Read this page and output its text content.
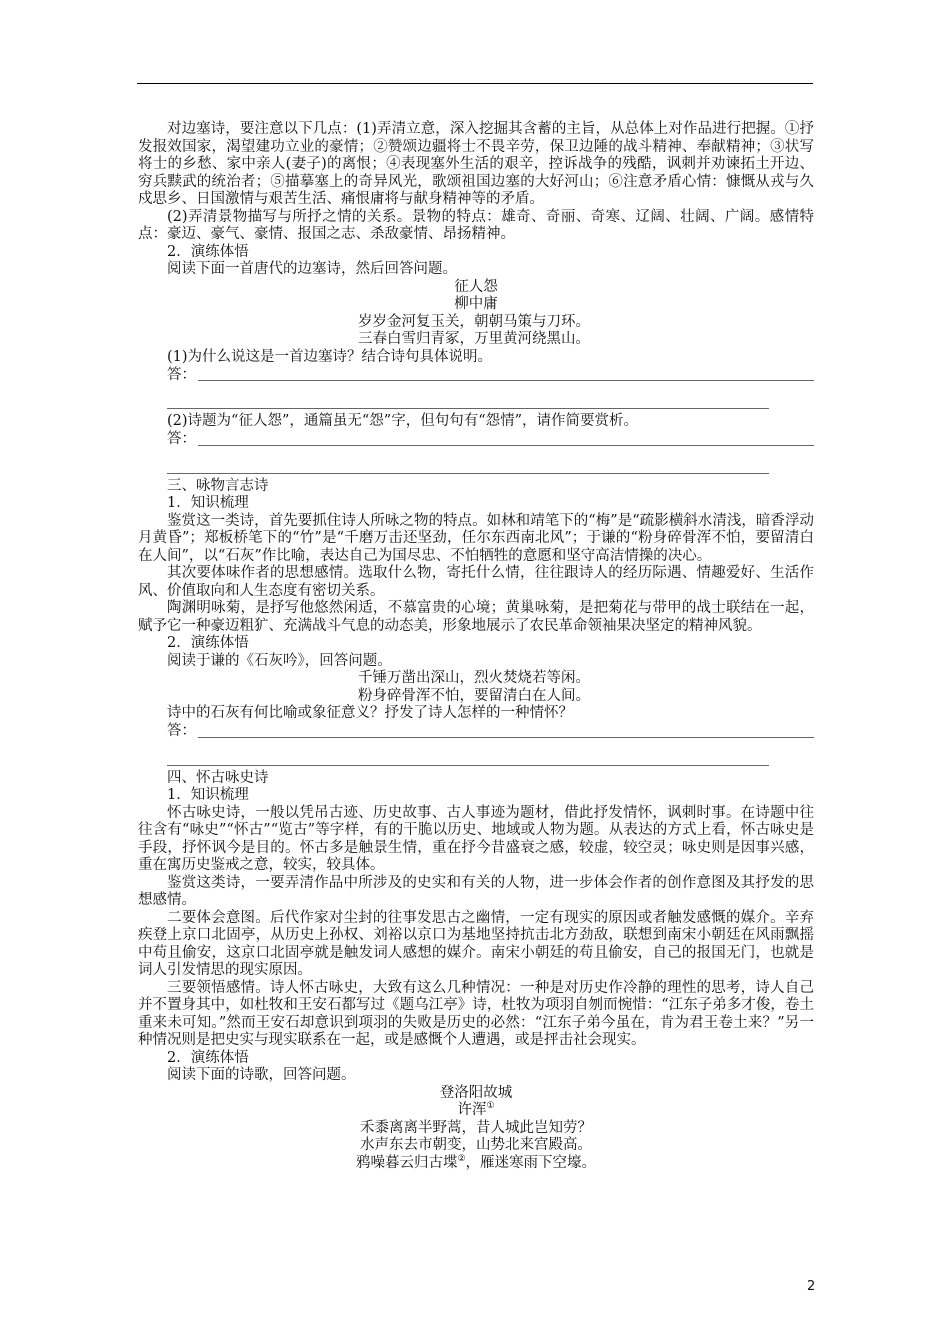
对边塞诗，要注意以下几点：(1)弄清立意，深入挖掘其含蓄的主旨，从总体上对作品进行把握。①抒发报效国家，渴望建功立业的豪情；②赞颂边疆将士不畏辛劳，保卫边陲的战斗精神、奉献精神；③状写将士的乡愁、家中亲人(妻子)的离恨；④表现塞外生活的艰辛，控诉战争的残酷，讽刺并劝谏拓土开边、穷兵黩武的统治者；⑤描摹塞上的奇异风光，歌颂祖国边塞的大好河山；⑥注意矛盾心情：慷慨从戎与久戍思乡、日国激情与艰苦生活、痛恨庸将与献身精神等的矛盾。

(2)弄清景物描写与所抒之情的关系。景物的特点：雄奇、奇丽、奇寒、辽阔、壮阔、广阔。感情特点：豪迈、豪气、豪情、报国之志、杀敌豪情、昂扬精神。

2．演练体悟

阅读下面一首唐代的边塞诗，然后回答问题。

征人怨

柳中庸

岁岁金河复玉关，朝朝马策与刀环。

三春白雪归青冢，万里黄河绕黑山。

(1)为什么说这是一首边塞诗？结合诗句具体说明。

答：

(2)诗题为“征人怨”，通篇虽无“怨”字，但句句有“怨情”，请作简要赏析。

答：

三、咏物言志诗

1．知识梳理

鉴赏这一类诗，首先要抓住诗人所咏之物的特点。如林和靖笔下的“梅”是“疏影横斜水清浅，暗香浮动月黄昏”；郑板桥笔下的“竹”是“千磨万击还坚劲，任尔东西南北风”；于谦的“粉身碎骨浑不怕，要留清白在人间”，以“石灰”作比喻，表达自己为国尽忠、不怕牺牲的意愿和坚守高洁情操的决心。

其次要体味作者的思想感情。选取什么物，寄托什么情，往往跟诗人的经历际遇、情趣爱好、生活作风、价值取向和人生态度有密切关系。

陶渊明咏菊，是抒写他悠然闲适，不慕富贵的心境；黄巢咏菊，是把菊花与带甲的战士联结在一起，赋予它一种豪迈粗犷、充满战斗气息的动态美，形象地展示了农民革命领袖果决坚定的精神风貌。

2．演练体悟

阅读于谦的《石灰吟》，回答问题。

千锤万凿出深山，烈火焚烧若等闲。

粉身碎骨浑不怕，要留清白在人间。

诗中的石灰有何比喻或象征意义？抒发了诗人怎样的一种情怀？

答：

四、怀古咏史诗

1．知识梳理

怀古咏史诗，一般以凭吊古迹、历史故事、古人事迹为题材，借此抒发情怀，讽刺时事。在诗题中往往含有“咏史”“怀古”“览古”等字样，有的干脆以历史、地域或人物为题。从表达的方式上看，怀古咏史是手段，抒怀讽今是目的。怀古多是触景生情，重在抒今昔盛衰之感，较虚，较空灵；咏史则是因事兴感，重在寓历史鉴戒之意，较实，较具体。

鉴赏这类诗，一要弄清作品中所涉及的史实和有关的人物，进一步体会作者的创作意图及其抒发的思想感情。

二要体会意图。后代作家对尘封的往事发思古之幽情，一定有现实的原因或者触发感慨的媒介。辛弃疾登上京口北固亭，从历史上孙权、刘裕以京口为基地坚持抗击北方劲敌，联想到南宋小朝廷在风雨飘摇中苟且偷安，这京口北固亭就是触发词人感想的媒介。南宋小朝廷的苟且偷安，自己的报国无门，也就是词人引发情思的现实原因。

三要领悟感情。诗人怀古咏史，大致有这么几种情况：一种是对历史作冷静的理性的思考，诗人自己并不置身其中，如杜牧和王安石都写过《题乌江亭》诗，杜牧为项羽自刎而惋惜：“江东子弟多才俊，卷土重来未可知。”然而王安石却意识到项羽的失败是历史的必然：“江东子弟今虽在，肯为君王卷土来？”另一种情况则是把史实与现实联系在一起，或是感慨个人遭遇，或是抨击社会现实。

2．演练体悟

阅读下面的诗歌，回答问题。

登洛阳故城

许浑①

禾黍离离半野蒿，昔人城此岂知劳？

水声东去市朝变，山势北来宫殿高。

鸦噪暮云归古堞②，雁迷寒雨下空壕。

2
